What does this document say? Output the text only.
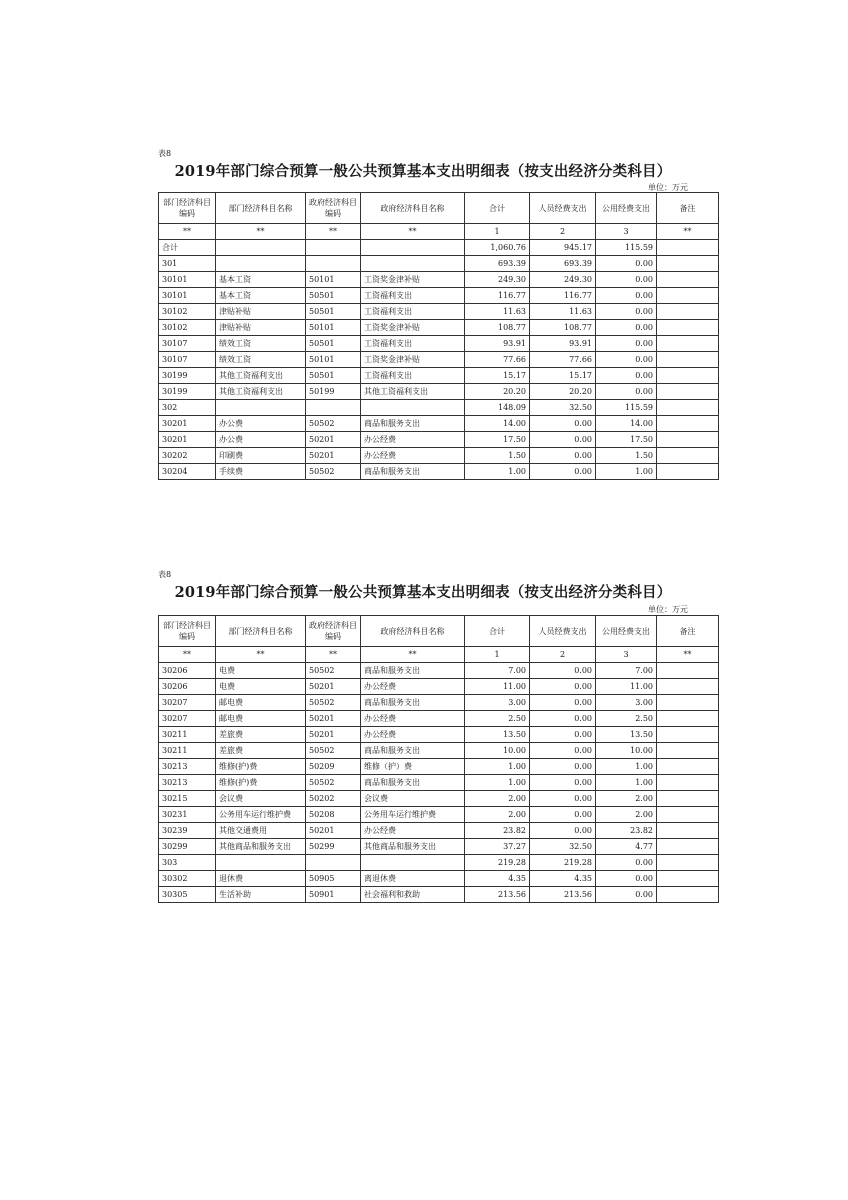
表8
2019年部门综合预算一般公共预算基本支出明细表（按支出经济分类科目）
单位：万元
部门经济科目编码	部门经济科目名称	政府经济科目编码	政府经济科目名称	合计	人员经费支出	公用经费支出	备注
**	**	**	**	1	2	3	**
合计				1,060.76	945.17	115.59	
301				693.39	693.39	0.00	
30101	基本工资	50101	工资奖金津补贴	249.30	249.30	0.00	
30101	基本工资	50501	工资福利支出	116.77	116.77	0.00	
30102	津贴补贴	50501	工资福利支出	11.63	11.63	0.00	
30102	津贴补贴	50101	工资奖金津补贴	108.77	108.77	0.00	
30107	绩效工资	50501	工资福利支出	93.91	93.91	0.00	
30107	绩效工资	50101	工资奖金津补贴	77.66	77.66	0.00	
30199	其他工资福利支出	50501	工资福利支出	15.17	15.17	0.00	
30199	其他工资福利支出	50199	其他工资福利支出	20.20	20.20	0.00	
302				148.09	32.50	115.59	
30201	办公费	50502	商品和服务支出	14.00	0.00	14.00	
30201	办公费	50201	办公经费	17.50	0.00	17.50	
30202	印刷费	50201	办公经费	1.50	0.00	1.50	
30204	手续费	50502	商品和服务支出	1.00	0.00	1.00	
表8
2019年部门综合预算一般公共预算基本支出明细表（按支出经济分类科目）
单位：万元
部门经济科目编码	部门经济科目名称	政府经济科目编码	政府经济科目名称	合计	人员经费支出	公用经费支出	备注
**	**	**	**	1	2	3	**
30206	电费	50502	商品和服务支出	7.00	0.00	7.00	
30206	电费	50201	办公经费	11.00	0.00	11.00	
30207	邮电费	50502	商品和服务支出	3.00	0.00	3.00	
30207	邮电费	50201	办公经费	2.50	0.00	2.50	
30211	差旅费	50201	办公经费	13.50	0.00	13.50	
30211	差旅费	50502	商品和服务支出	10.00	0.00	10.00	
30213	维修(护)费	50209	维修（护）费	1.00	0.00	1.00	
30213	维修(护)费	50502	商品和服务支出	1.00	0.00	1.00	
30215	会议费	50202	会议费	2.00	0.00	2.00	
30231	公务用车运行维护费	50208	公务用车运行维护费	2.00	0.00	2.00	
30239	其他交通费用	50201	办公经费	23.82	0.00	23.82	
30299	其他商品和服务支出	50299	其他商品和服务支出	37.27	32.50	4.77	
303				219.28	219.28	0.00	
30302	退休费	50905	离退休费	4.35	4.35	0.00	
30305	生活补助	50901	社会福利和救助	213.56	213.56	0.00	
